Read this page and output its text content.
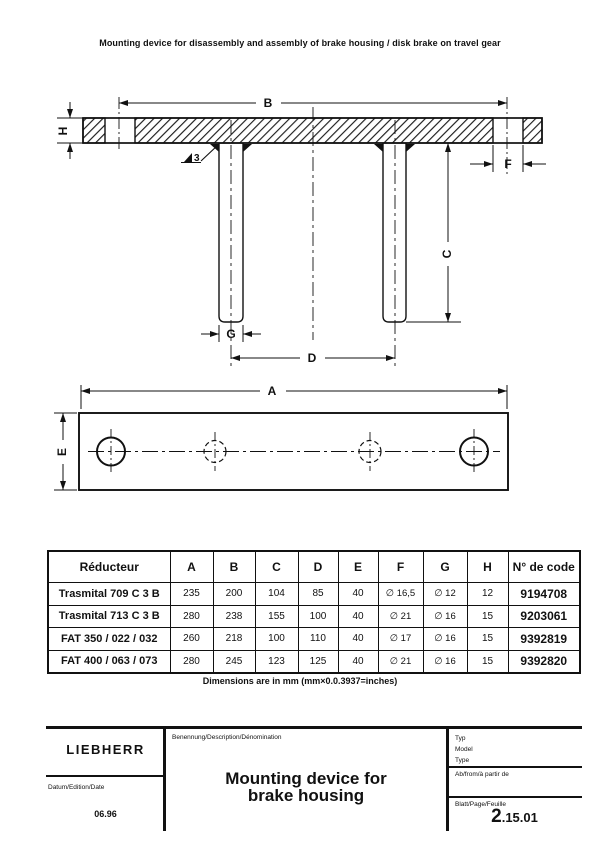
Mounting device for disassembly and assembly of brake housing / disk brake on travel gear
3
B
H
F
C
G
D
A
E
Réducteur	A	B	C	D	E	F	G	H	N° de code
Trasmital 709 C 3 B	235	200	104	85	40	∅ 16,5	∅ 12	12	9194708
Trasmital 713 C 3 B	280	238	155	100	40	∅ 21	∅ 16	15	9203061
FAT 350 / 022 / 032	260	218	100	110	40	∅ 17	∅ 16	15	9392819
FAT 400 / 063 / 073	280	245	123	125	40	∅ 21	∅ 16	15	9392820
Dimensions are in mm (mm×0.0.3937=inches)
LIEBHERR
Datum/Edition/Date
06.96
Benennung/Description/Dénomination
Mounting device for
brake housing
Typ
Model
Type
Ab/from/à partir de
Blatt/Page/Feuille
2.15.01
